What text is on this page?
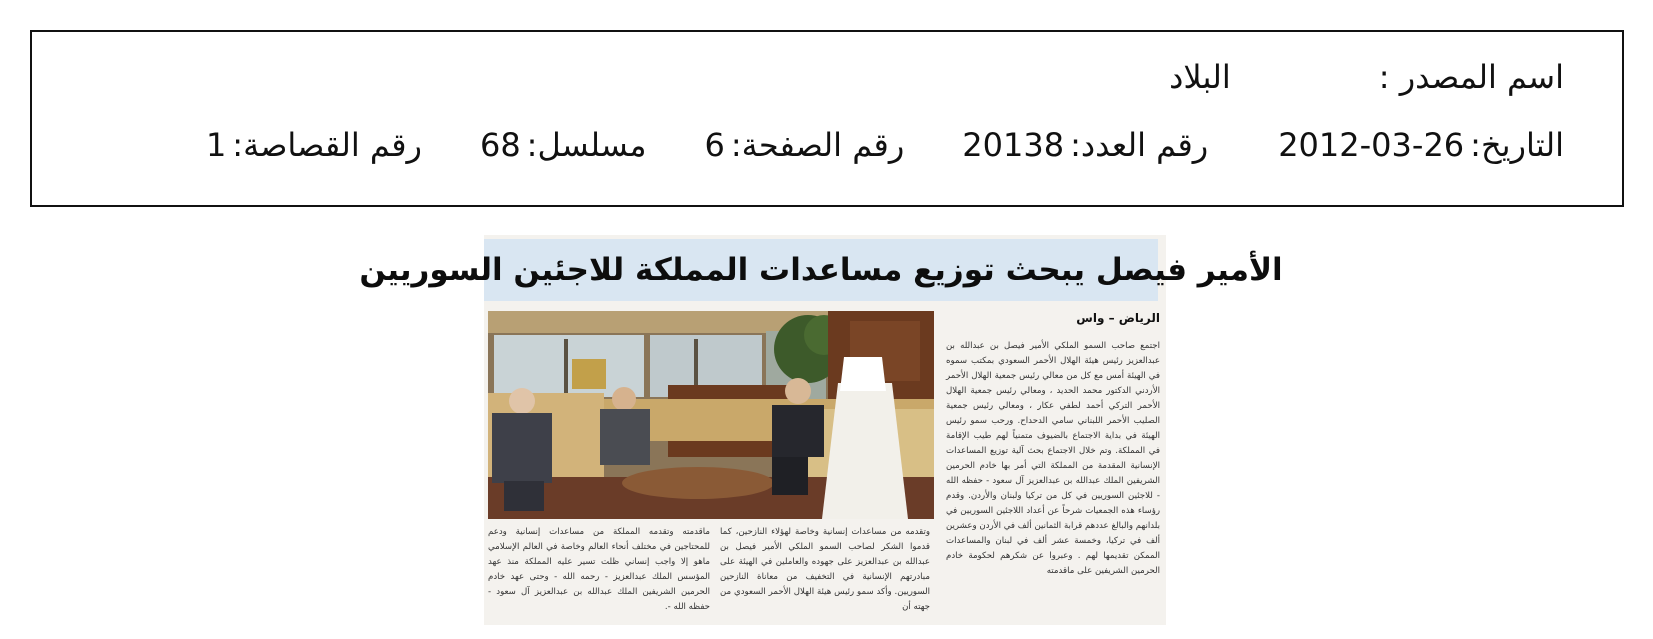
اسم المصدر :
البلاد
التاريخ:
2012-03-26
رقم العدد:
20138
رقم الصفحة:
6
مسلسل:
68
رقم القصاصة:
1
الأمير فيصل يبحث توزيع مساعدات المملكة للاجئين السوريين

الرياض – واس

اجتمع صاحب السمو الملكي الأمير فيصل بن عبدالله بن عبدالعزيز رئيس هيئة الهلال الأحمر السعودي بمكتب سموه في الهيئة أمس مع كل من معالي رئيس جمعية الهلال الأحمر الأردني الدكتور محمد الحديد ، ومعالي رئيس جمعية الهلال الأحمر التركي أحمد لطفي عكار ، ومعالي رئيس جمعية الصليب الأحمر اللبناني سامي الدحداح. ورحب سمو رئيس الهيئة في بداية الاجتماع بالضيوف متمنياً لهم طيب الإقامة في المملكة. وتم خلال الاجتماع بحث آلية توزيع المساعدات الإنسانية المقدمة من المملكة التي أمر بها خادم الحرمين الشريفين الملك عبدالله بن عبدالعزيز آل سعود - حفظه الله - للاجئين السوريين في كل من تركيا ولبنان والأردن. وقدم رؤساء هذه الجمعيات شرحاً عن أعداد اللاجئين السوريين في بلدانهم والبالغ عددهم قرابة الثمانين ألف في الأردن وعشرين ألف في تركيا، وخمسة عشر ألف في لبنان والمساعدات الممكن تقديمها لهم . وعبروا عن شكرهم لحكومة خادم الحرمين الشريفين على ماقدمته

وتقدمه من مساعدات إنسانية وخاصة لهؤلاء النازحين، كما قدموا الشكر لصاحب السمو الملكي الأمير فيصل بن عبدالله بن عبدالعزيز على جهوده والعاملين في الهيئة على مبادرتهم الإنسانية في التخفيف من معاناة النازحين السوريين. وأكد سمو رئيس هيئة الهلال الأحمر السعودي من جهته أن

ماقدمته وتقدمه المملكة من مساعدات إنسانية ودعم للمحتاجين في مختلف أنحاء العالم وخاصة في العالم الإسلامي ماهو إلا واجب إنساني ظلت تسير عليه المملكة منذ عهد المؤسس الملك عبدالعزيز - رحمه الله - وحتى عهد خادم الحرمين الشريفين الملك عبدالله بن عبدالعزيز آل سعود - حفظه الله -.
